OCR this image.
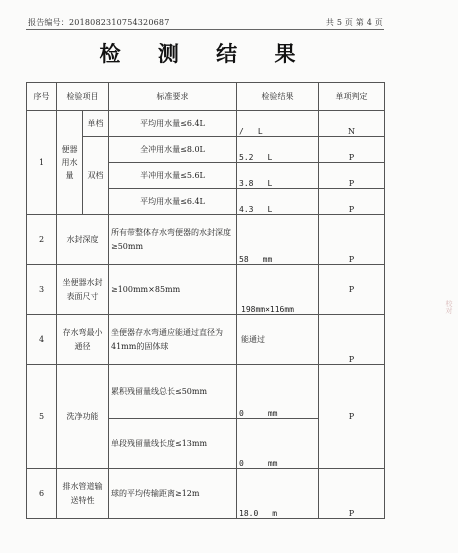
报告编号：2018082310754320687	共 5 页 第 4 页
检 测 结 果
序号	检验项目		标准要求	检验结果	单项判定
1	便器用水量	单档	平均用水量≤6.4L	/ L	N
		双档	全冲用水量≤8.0L	5.2 L	P
			半冲用水量≤5.6L	3.8 L	P
			平均用水量≤6.4L	4.3 L	P
2	水封深度		所有带整体存水弯便器的水封深度≥50mm	58 mm	P
3	坐便器水封表面尺寸		≥100mm×85mm	198mm×116mm	P
4	存水弯最小通径		坐便器存水弯通应能通过直径为41mm的固体球	能通过	P
5	洗净功能		累积残留量线总长≤50mm	0 mm	P
			单段残留量线长度≤13mm	0 mm	
6	排水管道输送特性		球的平均传输距离≥12m	18.0 m	P
校对
